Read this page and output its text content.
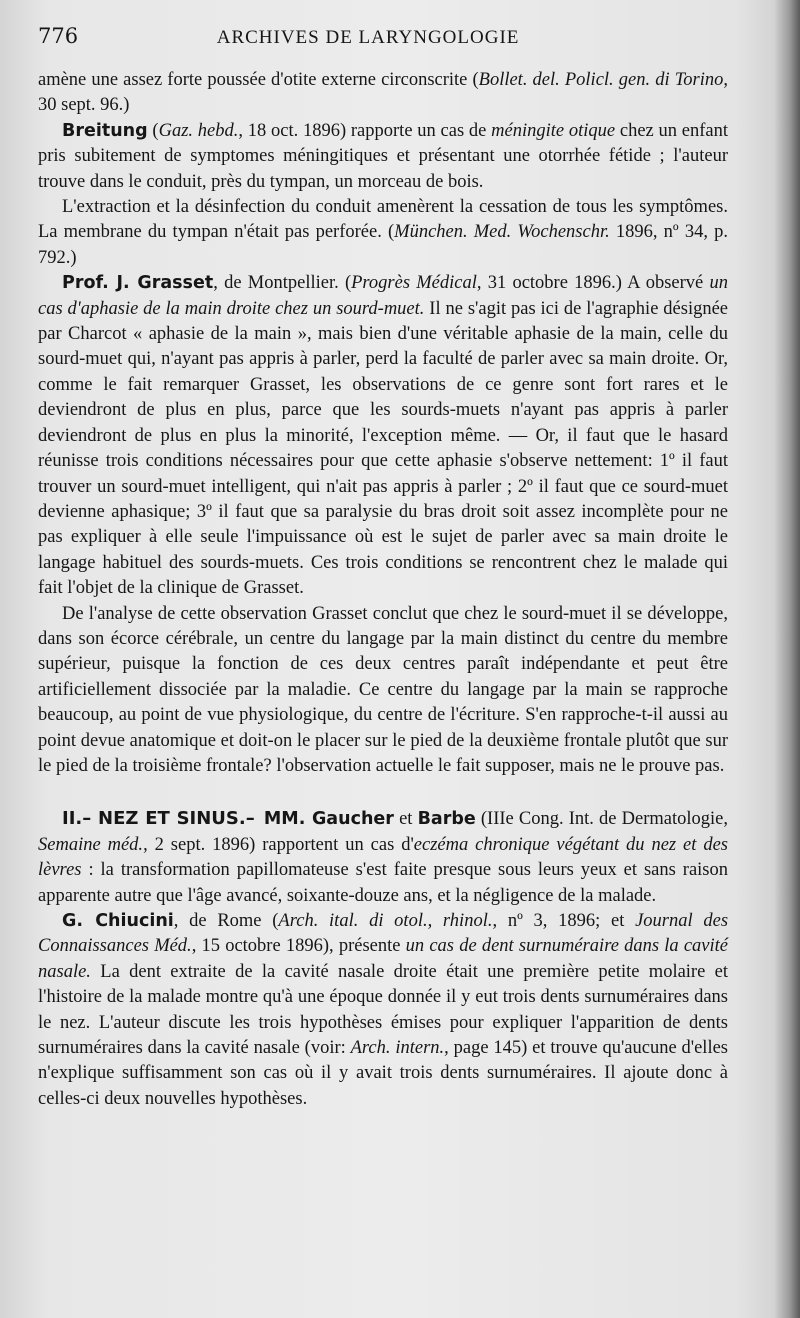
776	ARCHIVES DE LARYNGOLOGIE

amène une assez forte poussée d'otite externe circonscrite (Bollet. del. Policl. gen. di Torino, 30 sept. 96.)

Breitung (Gaz. hebd., 18 oct. 1896) rapporte un cas de méningite otique chez un enfant pris subitement de symptomes méningitiques et présentant une otorrhée fétide ; l'auteur trouve dans le conduit, près du tympan, un morceau de bois.

L'extraction et la désinfection du conduit amenèrent la cessation de tous les symptômes. La membrane du tympan n'était pas perforée. (München. Med. Wochenschr. 1896, nº 34, p. 792.)

Prof. J. Grasset, de Montpellier. (Progrès Médical, 31 octobre 1896.) A observé un cas d'aphasie de la main droite chez un sourd-muet. Il ne s'agit pas ici de l'agraphie désignée par Charcot « aphasie de la main », mais bien d'une véritable aphasie de la main, celle du sourd-muet qui, n'ayant pas appris à parler, perd la faculté de parler avec sa main droite. Or, comme le fait remarquer Grasset, les observations de ce genre sont fort rares et le deviendront de plus en plus, parce que les sourds-muets n'ayant pas appris à parler deviendront de plus en plus la minorité, l'exception même. — Or, il faut que le hasard réunisse trois conditions nécessaires pour que cette aphasie s'observe nettement: 1º il faut trouver un sourd-muet intelligent, qui n'ait pas appris à parler ; 2º il faut que ce sourd-muet devienne aphasique; 3º il faut que sa paralysie du bras droit soit assez incomplète pour ne pas expliquer à elle seule l'impuissance où est le sujet de parler avec sa main droite le langage habituel des sourds-muets. Ces trois conditions se rencontrent chez le malade qui fait l'objet de la clinique de Grasset.

De l'analyse de cette observation Grasset conclut que chez le sourd-muet il se développe, dans son écorce cérébrale, un centre du langage par la main distinct du centre du membre supérieur, puisque la fonction de ces deux centres paraît indépendante et peut être artificiellement dissociée par la maladie. Ce centre du langage par la main se rapproche beaucoup, au point de vue physiologique, du centre de l'écriture. S'en rapproche-t-il aussi au point devue anatomique et doit-on le placer sur le pied de la deuxième frontale plutôt que sur le pied de la troisième frontale? l'observation actuelle le fait supposer, mais ne le prouve pas.

II.– NEZ ET SINUS.– MM. Gaucher et Barbe (IIIe Cong. Int. de Dermatologie, Semaine méd., 2 sept. 1896) rapportent un cas d'eczéma chronique végétant du nez et des lèvres : la transformation papillomateuse s'est faite presque sous leurs yeux et sans raison apparente autre que l'âge avancé, soixante-douze ans, et la négligence de la malade.

G. Chiucini, de Rome (Arch. ital. di otol., rhinol., nº 3, 1896; et Journal des Connaissances Méd., 15 octobre 1896), présente un cas de dent surnuméraire dans la cavité nasale. La dent extraite de la cavité nasale droite était une première petite molaire et l'histoire de la malade montre qu'à une époque donnée il y eut trois dents surnuméraires dans le nez. L'auteur discute les trois hypothèses émises pour expliquer l'apparition de dents surnuméraires dans la cavité nasale (voir: Arch. intern., page 145) et trouve qu'aucune d'elles n'explique suffisamment son cas où il y avait trois dents surnuméraires. Il ajoute donc à celles-ci deux nouvelles hypothèses.
